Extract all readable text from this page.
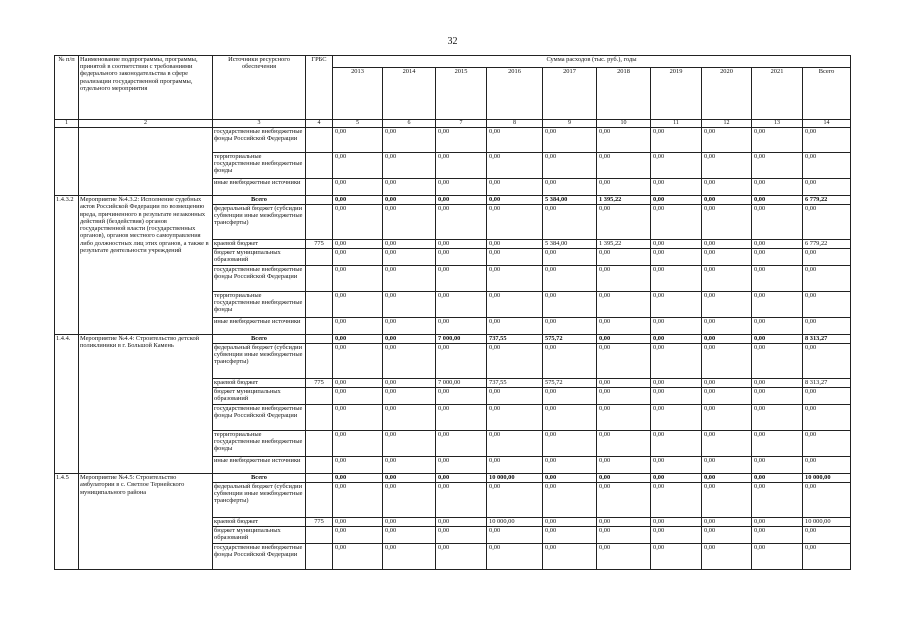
32
№ п/п	Наименование подпрограммы, программы, принятой в соответствии с требованиями федерального законодательства в сфере реализации государственной программы, отдельного мероприятия	Источники ресурсного обеспечения	ГРБС	Сумма расходов (тыс. руб.), годы									
				2013	2014	2015	2016	2017	2018	2019	2020	2021	Всего
1	2	3	4	5	6	7	8	9	10	11	12	13	14
		государственные внебюджетные фонды Российской Федерации		0,00	0,00	0,00	0,00	0,00	0,00	0,00	0,00	0,00	0,00
		территориальные государственные внебюджетные фонды		0,00	0,00	0,00	0,00	0,00	0,00	0,00	0,00	0,00	0,00
		иные внебюджетные источники		0,00	0,00	0,00	0,00	0,00	0,00	0,00	0,00	0,00	0,00
1.4.3.2	Мероприятие №4.3.2: Исполнение судебных актов Российской Федерации по возмещению вреда, причиненного в результате незаконных действий (бездействия) органов государственной власти (государственных органов), органов местного самоуправления либо должностных лиц этих органов, а также в результате деятельности учреждений	Всего		0,00	0,00	0,00	0,00	5 384,00	1 395,22	0,00	0,00	0,00	6 779,22
		федеральный бюджет (субсидии субвенции иные межбюджетные трансферты)		0,00	0,00	0,00	0,00	0,00	0,00	0,00	0,00	0,00	0,00
		краевой бюджет	775	0,00	0,00	0,00	0,00	5 384,00	1 395,22	0,00	0,00	0,00	6 779,22
		бюджет муниципальных образований		0,00	0,00	0,00	0,00	0,00	0,00	0,00	0,00	0,00	0,00
		государственные внебюджетные фонды Российской Федерации		0,00	0,00	0,00	0,00	0,00	0,00	0,00	0,00	0,00	0,00
		территориальные государственные внебюджетные фонды		0,00	0,00	0,00	0,00	0,00	0,00	0,00	0,00	0,00	0,00
		иные внебюджетные источники		0,00	0,00	0,00	0,00	0,00	0,00	0,00	0,00	0,00	0,00
1.4.4.	Мероприятие №4.4: Строительство детской поликлиники в г. Большой Камень	Всего		0,00	0,00	7 000,00	737,55	575,72	0,00	0,00	0,00	0,00	8 313,27
		федеральный бюджет (субсидии субвенции иные межбюджетные трансферты)		0,00	0,00	0,00	0,00	0,00	0,00	0,00	0,00	0,00	0,00
		краевой бюджет	775	0,00	0,00	7 000,00	737,55	575,72	0,00	0,00	0,00	0,00	8 313,27
		бюджет муниципальных образований		0,00	0,00	0,00	0,00	0,00	0,00	0,00	0,00	0,00	0,00
		государственные внебюджетные фонды Российской Федерации		0,00	0,00	0,00	0,00	0,00	0,00	0,00	0,00	0,00	0,00
		территориальные государственные внебюджетные фонды		0,00	0,00	0,00	0,00	0,00	0,00	0,00	0,00	0,00	0,00
		иные внебюджетные источники		0,00	0,00	0,00	0,00	0,00	0,00	0,00	0,00	0,00	0,00
1.4.5	Мероприятие №4.5: Строительство амбулатории в с. Светлое Тернейского муниципального района	Всего		0,00	0,00	0,00	10 000,00	0,00	0,00	0,00	0,00	0,00	10 000,00
		федеральный бюджет (субсидии субвенции иные межбюджетные трансферты)		0,00	0,00	0,00	0,00	0,00	0,00	0,00	0,00	0,00	0,00
		краевой бюджет	775	0,00	0,00	0,00	10 000,00	0,00	0,00	0,00	0,00	0,00	10 000,00
		бюджет муниципальных образований		0,00	0,00	0,00	0,00	0,00	0,00	0,00	0,00	0,00	0,00
		государственные внебюджетные фонды Российской Федерации		0,00	0,00	0,00	0,00	0,00	0,00	0,00	0,00	0,00	0,00
